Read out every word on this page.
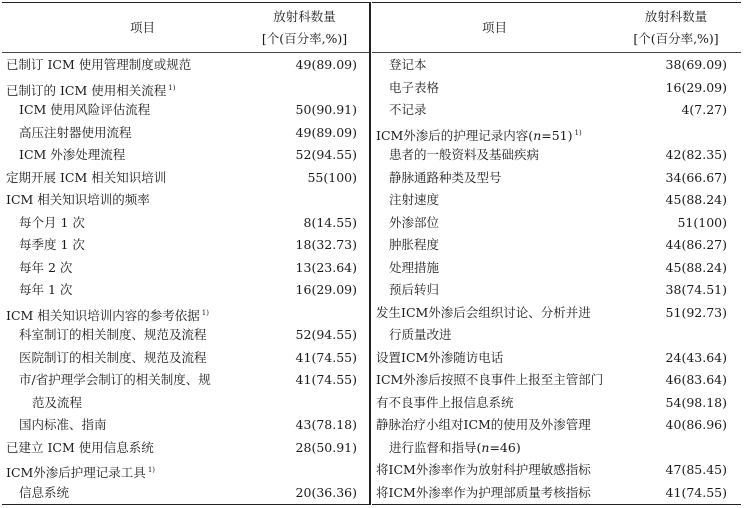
项目
放射科数量
[个(百分率,%)]
已制订 ICM 使用管理制度或规范	49(89.09)
已制订的 ICM 使用相关流程 $^{1)}$
ICM 使用风险评估流程	50(90.91)
高压注射器使用流程	49(89.09)
ICM 外渗处理流程	52(94.55)
定期开展 ICM 相关知识培训	55(100)
ICM 相关知识培训的频率
每个月 1 次	8(14.55)
每季度 1 次	18(32.73)
每年 2 次	13(23.64)
每年 1 次	16(29.09)
ICM 相关知识培训内容的参考依据 $^{1)}$
科室制订的相关制度、规范及流程	52(94.55)
医院制订的相关制度、规范及流程	41(74.55)
市/省护理学会制订的相关制度、规	41(74.55)
范及流程
国内标准、指南	43(78.18)
已建立 ICM 使用信息系统	28(50.91)
ICM外渗后护理记录工具 $^{1)}$
信息系统	20(36.36)
项目
放射科数量
[个(百分率,%)]
登记本	38(69.09)
电子表格	16(29.09)
不记录	4(7.27)
ICM外渗后的护理记录内容(n=51) $^{1)}$
患者的一般资料及基础疾病	42(82.35)
静脉通路种类及型号	34(66.67)
注射速度	45(88.24)
外渗部位	51(100)
肿胀程度	44(86.27)
处理措施	45(88.24)
预后转归	38(74.51)
发生ICM外渗后会组织讨论、分析并进	51(92.73)
行质量改进
设置ICM外渗随访电话	24(43.64)
ICM外渗后按照不良事件上报至主管部门	46(83.64)
有不良事件上报信息系统	54(98.18)
静脉治疗小组对ICM的使用及外渗管理	40(86.96)
进行监督和指导(n=46)
将ICM外渗率作为放射科护理敏感指标	47(85.45)
将ICM外渗率作为护理部质量考核指标	41(74.55)
